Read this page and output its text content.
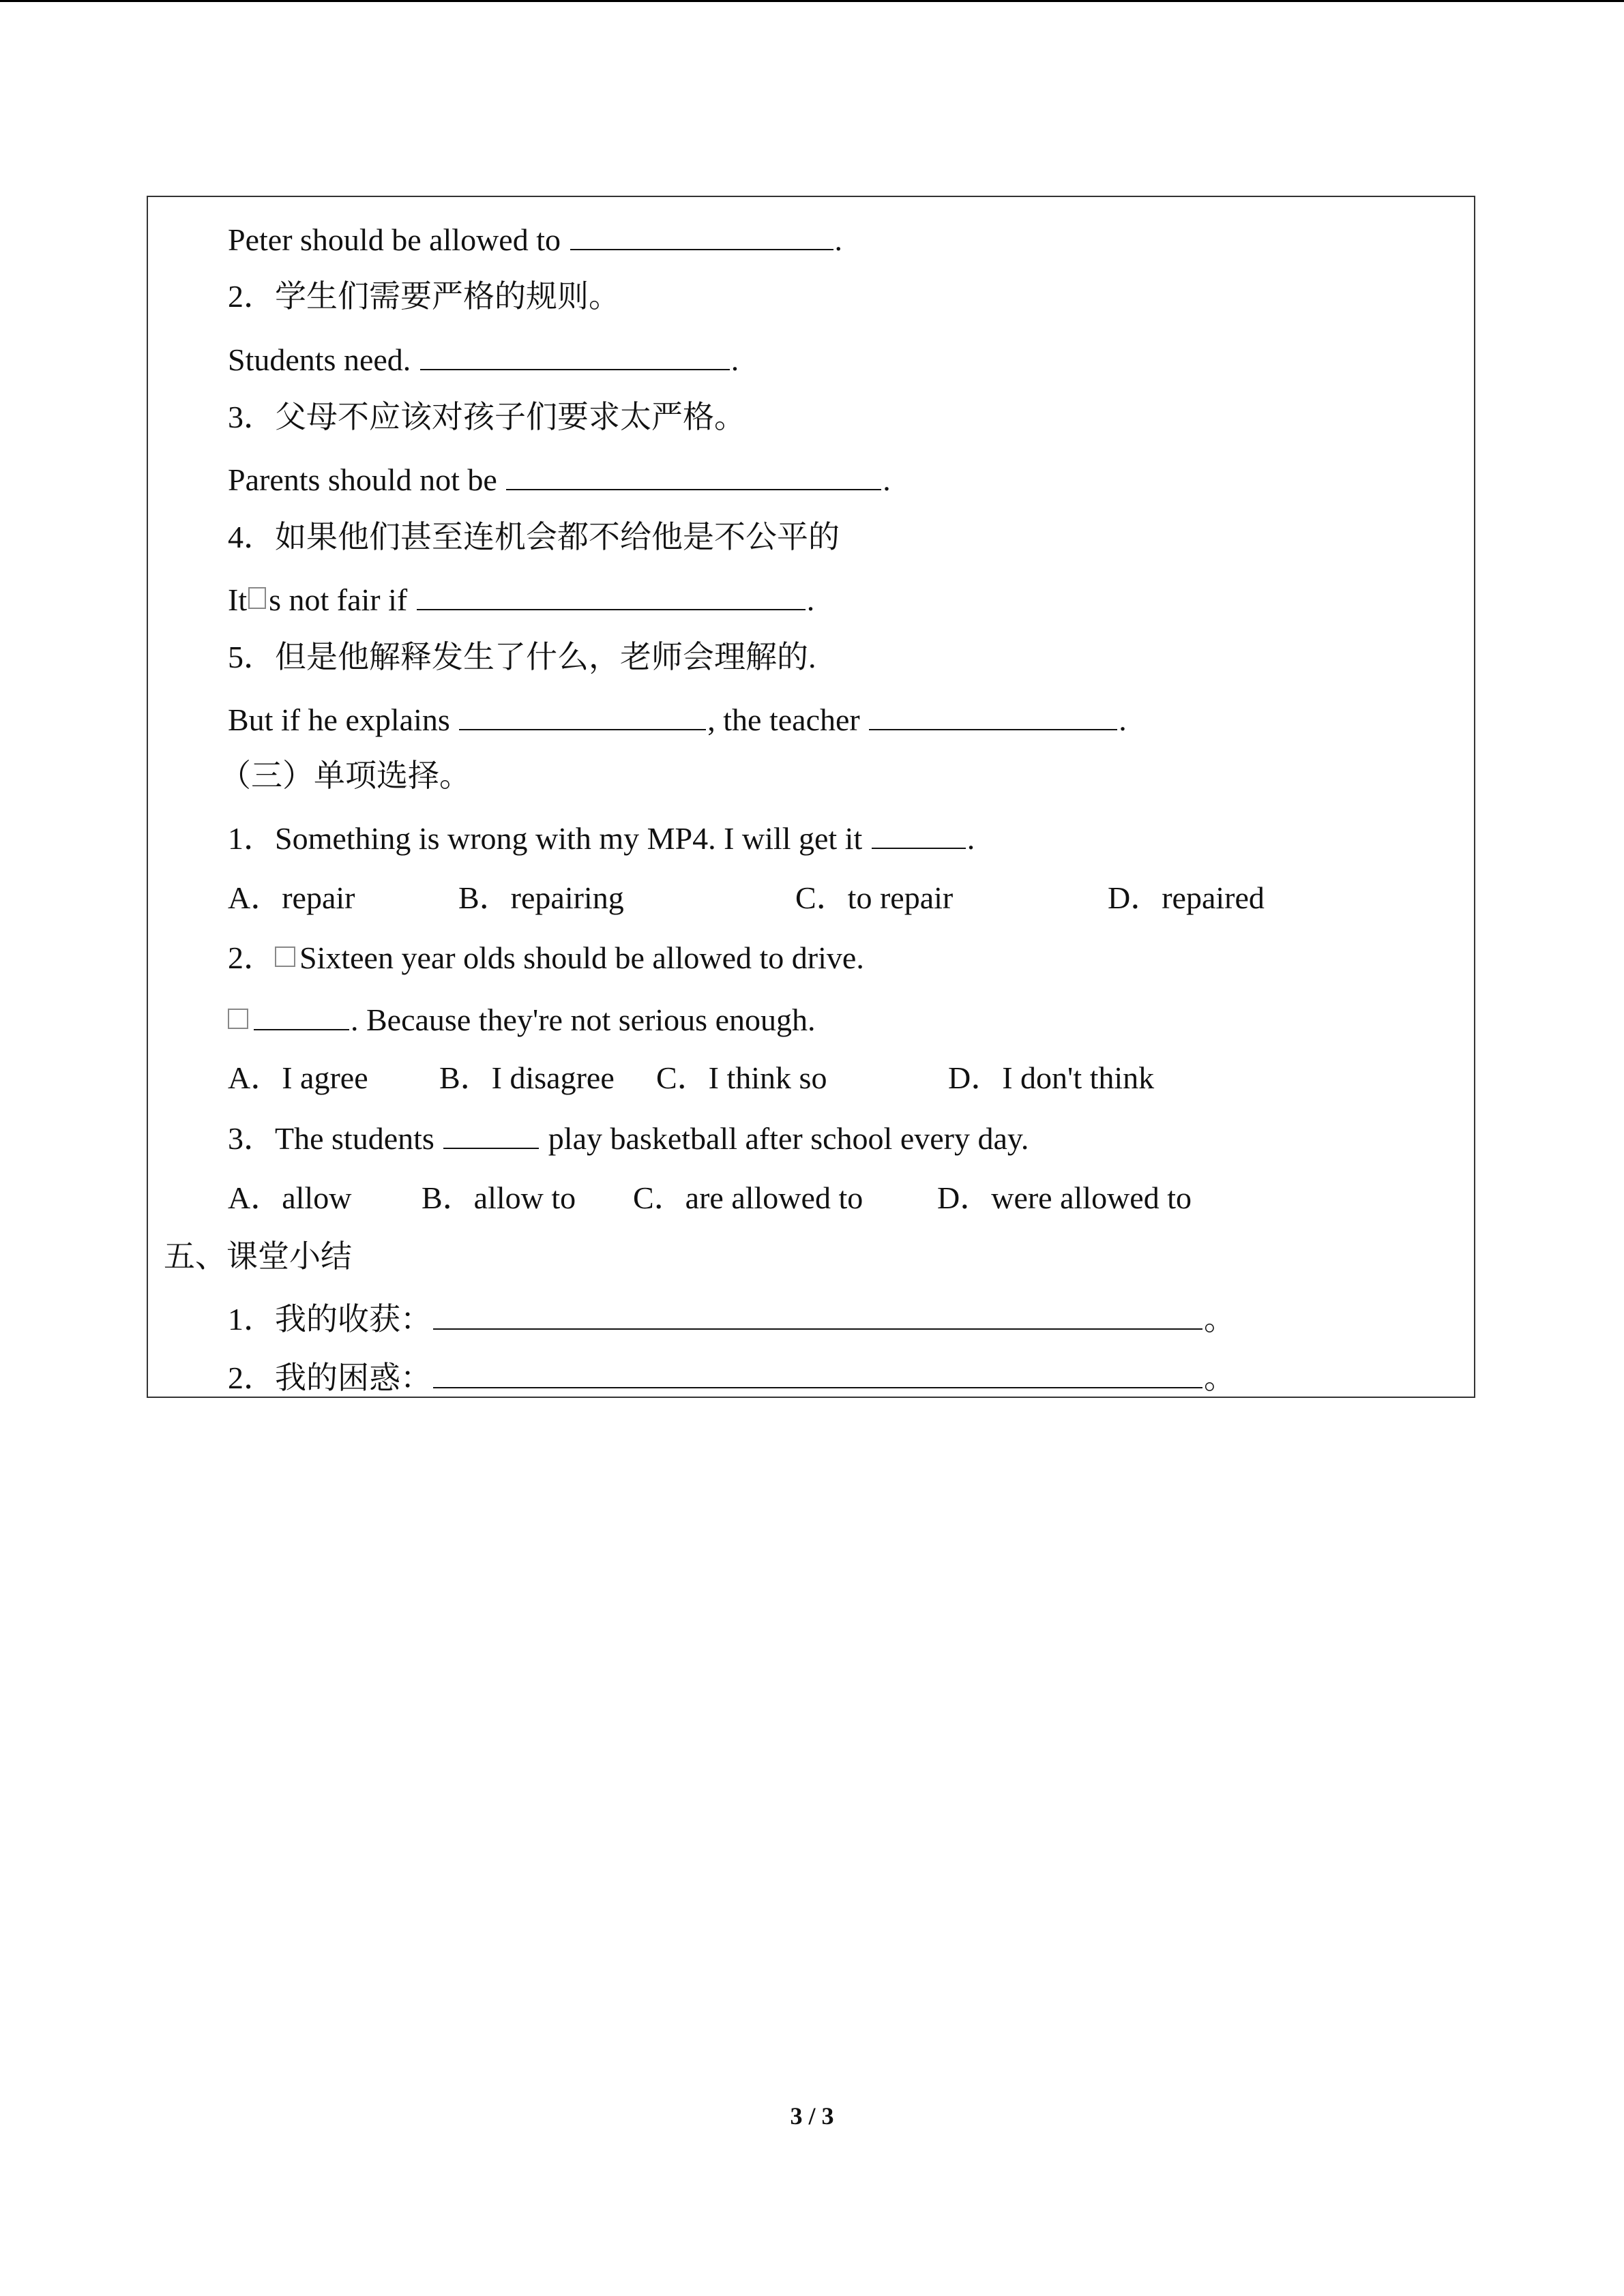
Peter should be allowed to	.

2．学生们需要严格的规则。

Students need.	.

3．父母不应该对孩子们要求太严格。

Parents should not be	.

4．如果他们甚至连机会都不给他是不公平的

It s not fair if	.

5．但是他解释发生了什么，老师会理解的.

But if he explains	, the teacher	.

（三）单项选择。

1．Something is wrong with my MP4. I will get it	.

A．repair

	B．repairing

	C．to repair

	D．repaired

2． Sixteen year olds should be allowed to drive.

. Because they're not serious enough.

A．I agree

B．I disagree

C．I think so

	D．I don't think

3．The students	play basketball after school every day.

A．allow

B．allow to

C．are allowed to

D．were allowed to

五、课堂小结

1．我的收获：	。

2．我的困惑：	。

3 / 3
